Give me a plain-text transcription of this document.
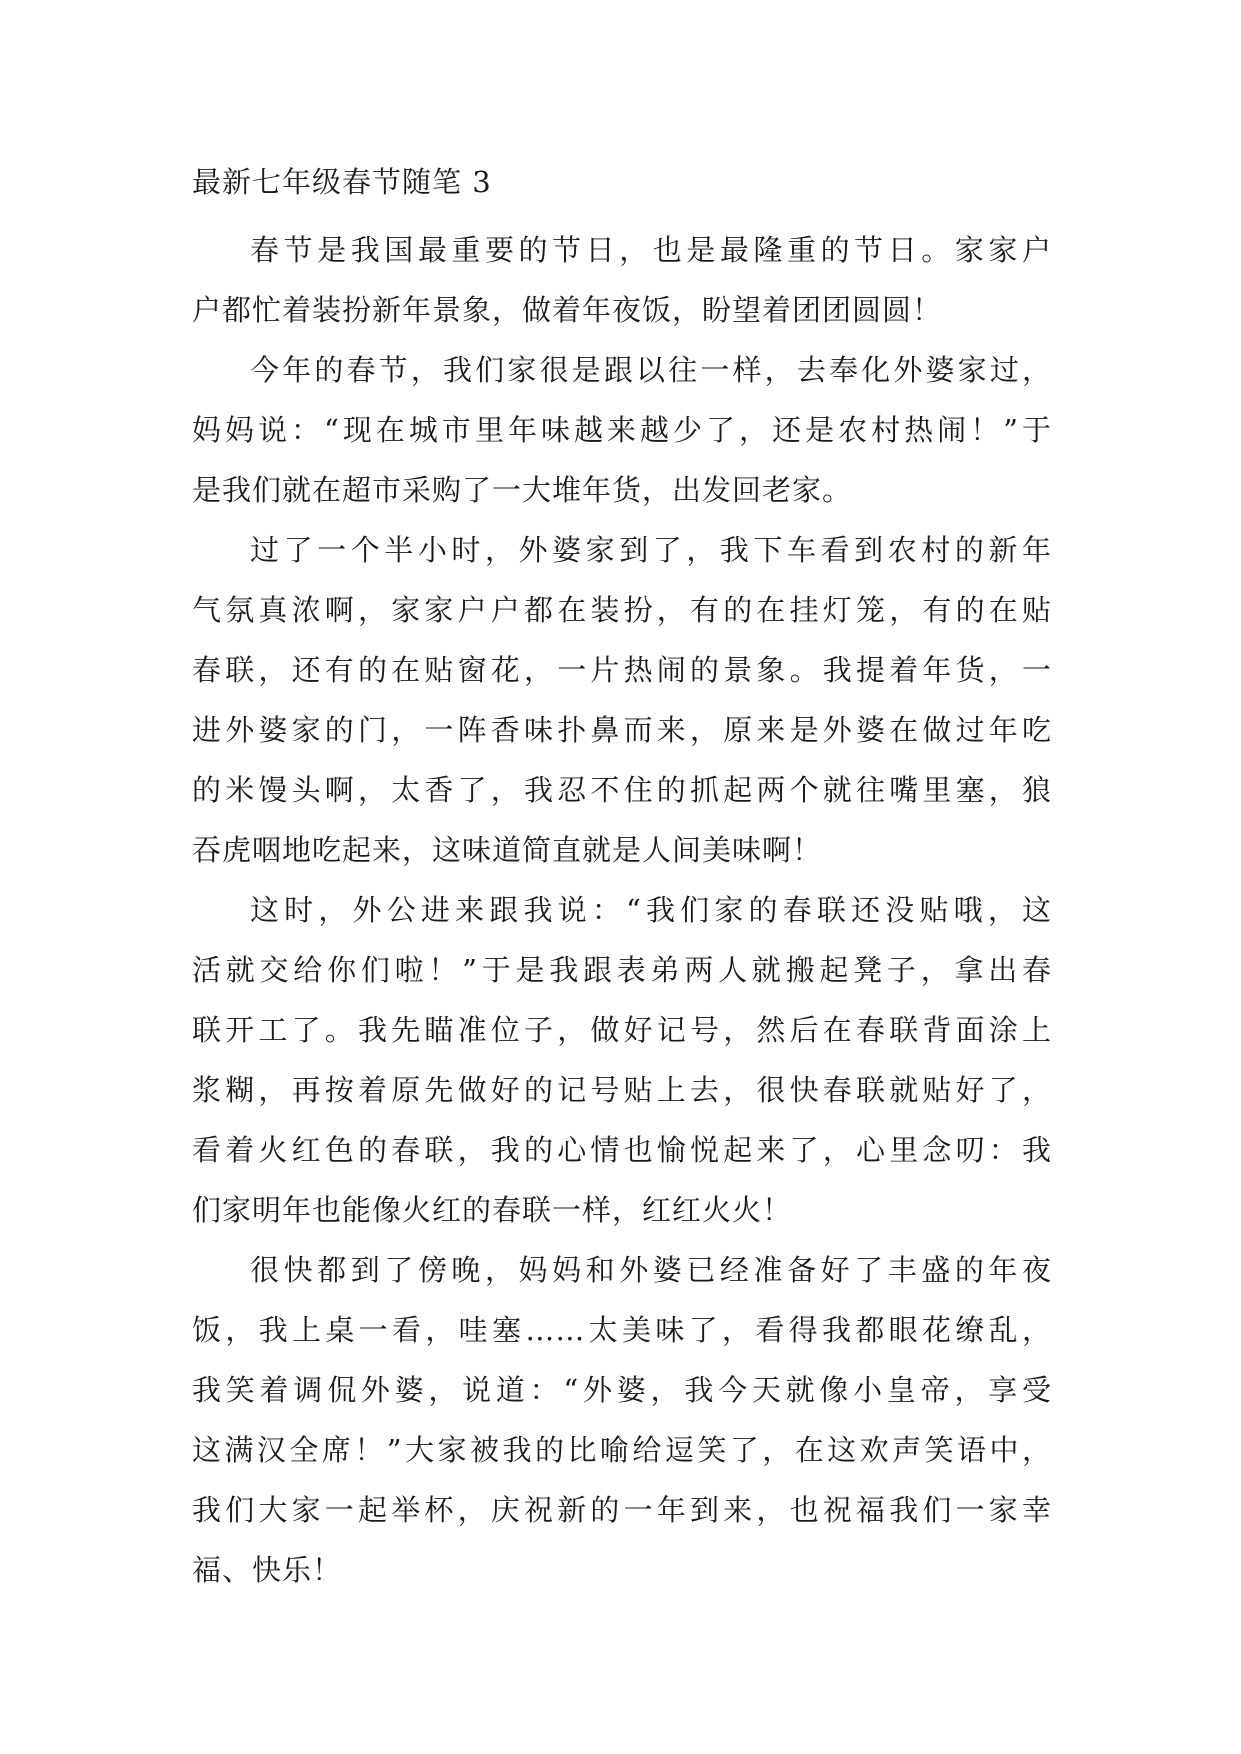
最新七年级春节随笔 3

春节是我国最重要的节日，也是最隆重的节日。家家户
户都忙着装扮新年景象，做着年夜饭，盼望着团团圆圆！

今年的春节，我们家很是跟以往一样，去奉化外婆家过，
妈妈说：“现在城市里年味越来越少了，还是农村热闹！”于
是我们就在超市采购了一大堆年货，出发回老家。

过了一个半小时，外婆家到了，我下车看到农村的新年
气氛真浓啊，家家户户都在装扮，有的在挂灯笼，有的在贴
春联，还有的在贴窗花，一片热闹的景象。我提着年货，一
进外婆家的门，一阵香味扑鼻而来，原来是外婆在做过年吃
的米馒头啊，太香了，我忍不住的抓起两个就往嘴里塞，狼
吞虎咽地吃起来，这味道简直就是人间美味啊！

这时，外公进来跟我说：“我们家的春联还没贴哦，这
活就交给你们啦！”于是我跟表弟两人就搬起凳子，拿出春
联开工了。我先瞄准位子，做好记号，然后在春联背面涂上
浆糊，再按着原先做好的记号贴上去，很快春联就贴好了，
看着火红色的春联，我的心情也愉悦起来了，心里念叨：我
们家明年也能像火红的春联一样，红红火火！

很快都到了傍晚，妈妈和外婆已经准备好了丰盛的年夜
饭，我上桌一看，哇塞……太美味了，看得我都眼花缭乱，
我笑着调侃外婆，说道：“外婆，我今天就像小皇帝，享受
这满汉全席！”大家被我的比喻给逗笑了，在这欢声笑语中，
我们大家一起举杯，庆祝新的一年到来，也祝福我们一家幸
福、快乐！
